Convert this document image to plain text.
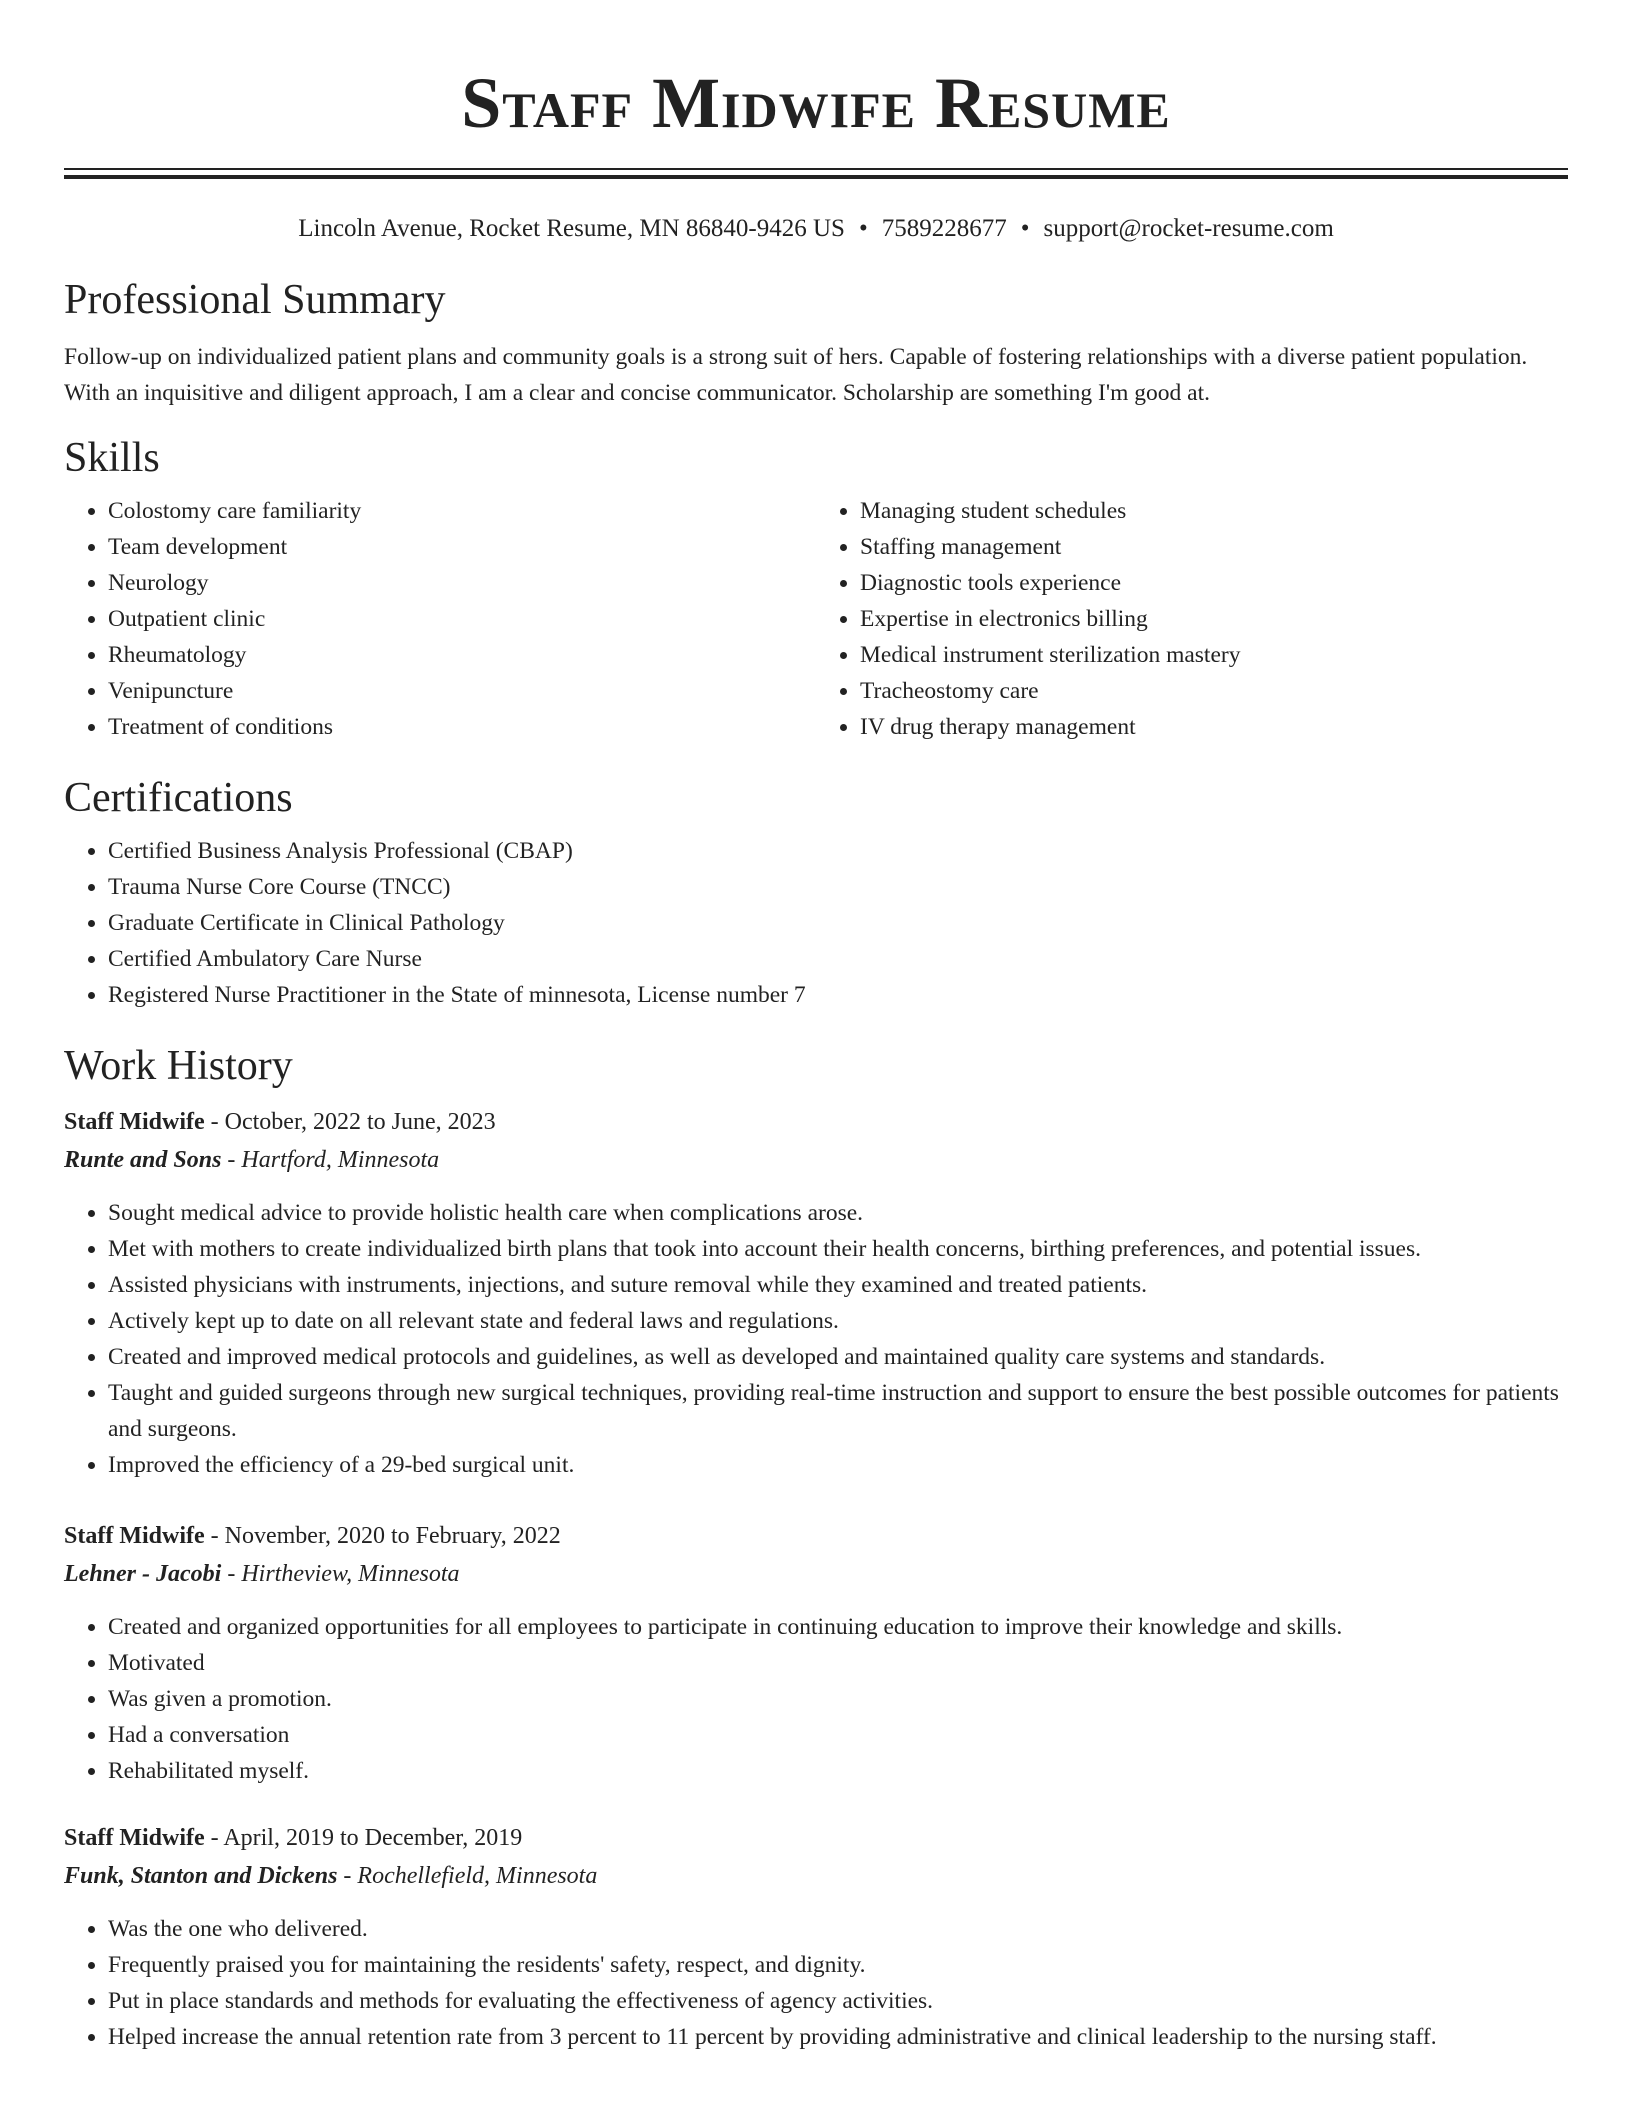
Staff Midwife Resume
Lincoln Avenue, Rocket Resume, MN 86840-9426 US • 7589228677 • support@rocket-resume.com
Professional Summary

Follow-up on individualized patient plans and community goals is a strong suit of hers. Capable of fostering relationships with a diverse patient population. With an inquisitive and diligent approach, I am a clear and concise communicator. Scholarship are something I'm good at.

Skills
• Colostomy care familiarity
• Team development
• Neurology
• Outpatient clinic
• Rheumatology
• Venipuncture
• Treatment of conditions
• Managing student schedules
• Staffing management
• Diagnostic tools experience
• Expertise in electronics billing
• Medical instrument sterilization mastery
• Tracheostomy care
• IV drug therapy management
Certifications
• Certified Business Analysis Professional (CBAP)
• Trauma Nurse Core Course (TNCC)
• Graduate Certificate in Clinical Pathology
• Certified Ambulatory Care Nurse
• Registered Nurse Practitioner in the State of minnesota, License number 7
Work History
Staff Midwife - October, 2022 to June, 2023
Runte and Sons - Hartford, Minnesota
• Sought medical advice to provide holistic health care when complications arose.
• Met with mothers to create individualized birth plans that took into account their health concerns, birthing preferences, and potential issues.
• Assisted physicians with instruments, injections, and suture removal while they examined and treated patients.
• Actively kept up to date on all relevant state and federal laws and regulations.
• Created and improved medical protocols and guidelines, as well as developed and maintained quality care systems and standards.
• Taught and guided surgeons through new surgical techniques, providing real-time instruction and support to ensure the best possible outcomes for patients and surgeons.
• Improved the efficiency of a 29-bed surgical unit.
Staff Midwife - November, 2020 to February, 2022
Lehner - Jacobi - Hirtheview, Minnesota
• Created and organized opportunities for all employees to participate in continuing education to improve their knowledge and skills.
• Motivated
• Was given a promotion.
• Had a conversation
• Rehabilitated myself.
Staff Midwife - April, 2019 to December, 2019
Funk, Stanton and Dickens - Rochellefield, Minnesota
• Was the one who delivered.
• Frequently praised you for maintaining the residents' safety, respect, and dignity.
• Put in place standards and methods for evaluating the effectiveness of agency activities.
• Helped increase the annual retention rate from 3 percent to 11 percent by providing administrative and clinical leadership to the nursing staff.
